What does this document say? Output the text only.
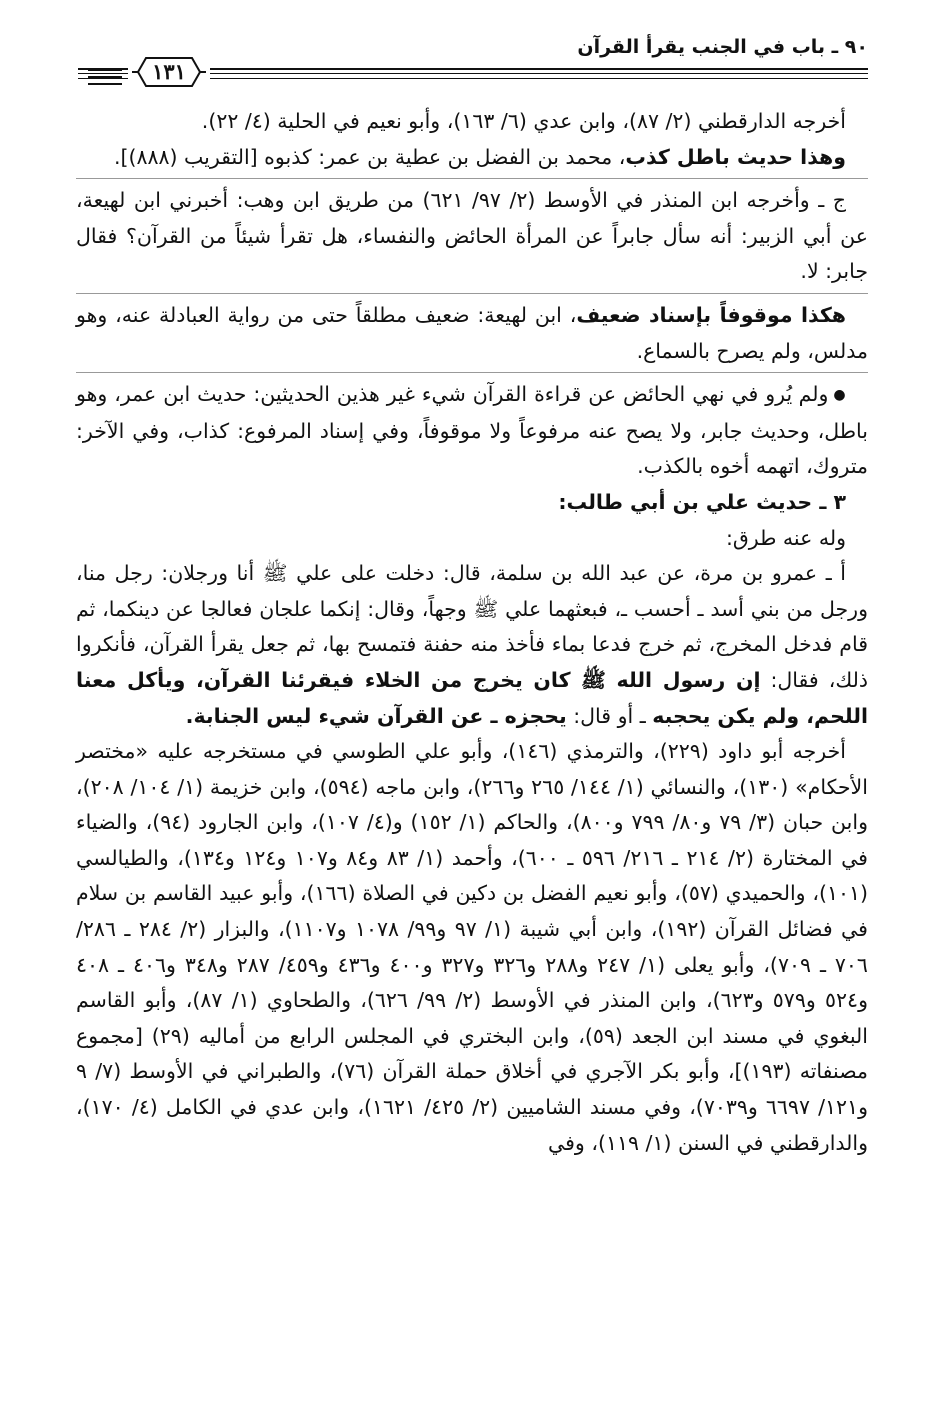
٩٠ ـ باب في الجنب يقرأ القرآن
١٣١

أخرجه الدارقطني (٢/ ٨٧)، وابن عدي (٦/ ١٦٣)، وأبو نعيم في الحلية (٤/ ٢٢).

وهذا حديث باطل كذب، محمد بن الفضل بن عطية بن عمر: كذبوه [التقريب (٨٨٨)].

ج ـ وأخرجه ابن المنذر في الأوسط (٢/ ٩٧/ ٦٢١) من طريق ابن وهب: أخبرني ابن لهيعة، عن أبي الزبير: أنه سأل جابراً عن المرأة الحائض والنفساء، هل تقرأ شيئاً من القرآن؟ فقال جابر: لا.

هكذا موقوفاً بإسناد ضعيف، ابن لهيعة: ضعيف مطلقاً حتى من رواية العبادلة عنه، وهو مدلس، ولم يصرح بالسماع.

● ولم يُرو في نهي الحائض عن قراءة القرآن شيء غير هذين الحديثين: حديث ابن عمر، وهو باطل، وحديث جابر، ولا يصح عنه مرفوعاً ولا موقوفاً، وفي إسناد المرفوع: كذاب، وفي الآخر: متروك، اتهمه أخوه بالكذب.

٣ ـ حديث علي بن أبي طالب:

وله عنه طرق:

أ ـ عمرو بن مرة، عن عبد الله بن سلمة، قال: دخلت على علي ﷺ أنا ورجلان: رجل منا، ورجل من بني أسد ـ أحسب ـ، فبعثهما علي ﷺ وجهاً، وقال: إنكما علجان فعالجا عن دينكما، ثم قام فدخل المخرج، ثم خرج فدعا بماء فأخذ منه حفنة فتمسح بها، ثم جعل يقرأ القرآن، فأنكروا ذلك، فقال: إن رسول الله ﷺ كان يخرج من الخلاء فيقرئنا القرآن، ويأكل معنا اللحم، ولم يكن يحجبه ـ أو قال: يحجزه ـ عن القرآن شيء ليس الجنابة.

أخرجه أبو داود (٢٢٩)، والترمذي (١٤٦)، وأبو علي الطوسي في مستخرجه عليه «مختصر الأحكام» (١٣٠)، والنسائي (١/ ١٤٤/ ٢٦٥ و٢٦٦)، وابن ماجه (٥٩٤)، وابن خزيمة (١/ ١٠٤/ ٢٠٨)، وابن حبان (٣/ ٧٩ و٨٠/ ٧٩٩ و٨٠٠)، والحاكم (١/ ١٥٢) و(٤/ ١٠٧)، وابن الجارود (٩٤)، والضياء في المختارة (٢/ ٢١٤ ـ ٢١٦/ ٥٩٦ ـ ٦٠٠)، وأحمد (١/ ٨٣ و٨٤ و١٠٧ و١٢٤ و١٣٤)، والطيالسي (١٠١)، والحميدي (٥٧)، وأبو نعيم الفضل بن دكين في الصلاة (١٦٦)، وأبو عبيد القاسم بن سلام في فضائل القرآن (١٩٢)، وابن أبي شيبة (١/ ٩٧ و٩٩/ ١٠٧٨ و١١٠٧)، والبزار (٢/ ٢٨٤ ـ ٢٨٦/ ٧٠٦ ـ ٧٠٩)، وأبو يعلى (١/ ٢٤٧ و٢٨٨ و٣٢٦ و٣٢٧ و٤٠٠ و٤٣٦ و٤٥٩/ ٢٨٧ و٣٤٨ و٤٠٦ ـ ٤٠٨ و٥٢٤ و٥٧٩ و٦٢٣)، وابن المنذر في الأوسط (٢/ ٩٩/ ٦٢٦)، والطحاوي (١/ ٨٧)، وأبو القاسم البغوي في مسند ابن الجعد (٥٩)، وابن البختري في المجلس الرابع من أماليه (٢٩) [مجموع مصنفاته (١٩٣)]، وأبو بكر الآجري في أخلاق حملة القرآن (٧٦)، والطبراني في الأوسط (٧/ ٩ و١٢١/ ٦٦٩٧ و٧٠٣٩)، وفي مسند الشاميين (٢/ ٤٢٥/ ١٦٢١)، وابن عدي في الكامل (٤/ ١٧٠)، والدارقطني في السنن (١/ ١١٩)، وفي
